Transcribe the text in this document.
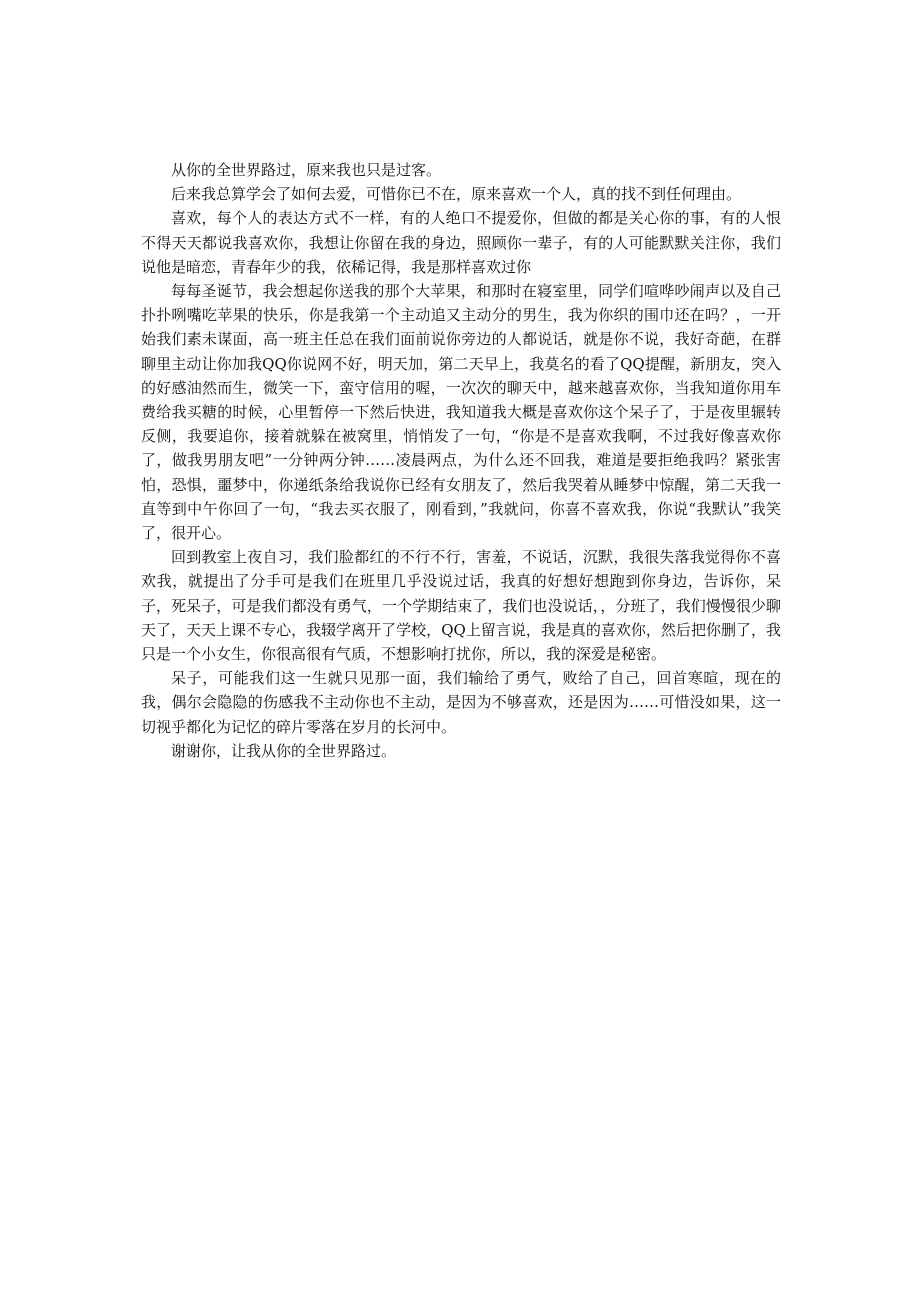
从你的全世界路过，原来我也只是过客。

后来我总算学会了如何去爱，可惜你已不在，原来喜欢一个人，真的找不到任何理由。

喜欢，每个人的表达方式不一样，有的人绝口不提爱你，但做的都是关心你的事，有的人恨不得天天都说我喜欢你，我想让你留在我的身边，照顾你一辈子，有的人可能默默关注你，我们说他是暗恋，青春年少的我，依稀记得，我是那样喜欢过你

每每圣诞节，我会想起你送我的那个大苹果，和那时在寝室里，同学们喧哗吵闹声以及自己扑扑咧嘴吃苹果的快乐，你是我第一个主动追又主动分的男生，我为你织的围巾还在吗？，一开始我们素未谋面，高一班主任总在我们面前说你旁边的人都说话，就是你不说，我好奇葩，在群聊里主动让你加我QQ你说网不好，明天加，第二天早上，我莫名的看了QQ提醒，新朋友，突入的好感油然而生，微笑一下，蛮守信用的喔，一次次的聊天中，越来越喜欢你，当我知道你用车费给我买糖的时候，心里暂停一下然后快进，我知道我大概是喜欢你这个呆子了，于是夜里辗转反侧，我要追你，接着就躲在被窝里，悄悄发了一句，“你是不是喜欢我啊，不过我好像喜欢你了，做我男朋友吧”一分钟两分钟……凌晨两点，为什么还不回我，难道是要拒绝我吗？紧张害怕，恐惧，噩梦中，你递纸条给我说你已经有女朋友了，然后我哭着从睡梦中惊醒，第二天我一直等到中午你回了一句，“我去买衣服了，刚看到，”我就问，你喜不喜欢我，你说“我默认”我笑了，很开心。

回到教室上夜自习，我们脸都红的不行不行，害羞，不说话，沉默，我很失落我觉得你不喜欢我，就提出了分手可是我们在班里几乎没说过话，我真的好想好想跑到你身边，告诉你，呆子，死呆子，可是我们都没有勇气，一个学期结束了，我们也没说话，，分班了，我们慢慢很少聊天了，天天上课不专心，我辍学离开了学校，QQ上留言说，我是真的喜欢你，然后把你删了，我只是一个小女生，你很高很有气质，不想影响打扰你，所以，我的深爱是秘密。

呆子，可能我们这一生就只见那一面，我们输给了勇气，败给了自己，回首寒暄，现在的我，偶尔会隐隐的伤感我不主动你也不主动，是因为不够喜欢，还是因为……可惜没如果，这一切视乎都化为记忆的碎片零落在岁月的长河中。

谢谢你，让我从你的全世界路过。
